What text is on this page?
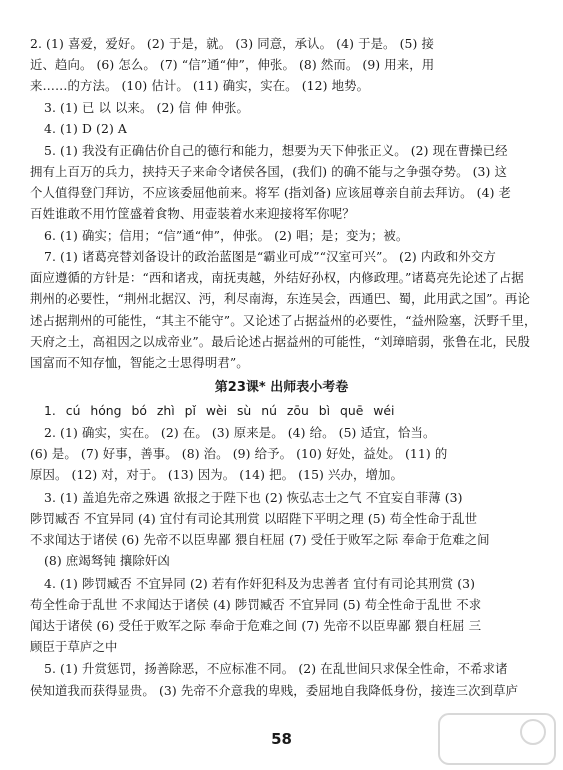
2. (1) 喜爱，爱好。 (2) 于是，就。 (3) 同意，承认。 (4) 于是。 (5) 接
近、趋向。 (6) 怎么。 (7) “信”通“伸”，伸张。 (8) 然而。 (9) 用来，用
来……的方法。 (10) 估计。 (11) 确实，实在。 (12) 地势。
3. (1) 已 以 以来。 (2) 信 伸 伸张。
4. (1) D (2) A
5. (1) 我没有正确估价自己的德行和能力，想要为天下伸张正义。 (2) 现在曹操已经
拥有上百万的兵力，挟持天子来命令诸侯各国，(我们) 的确不能与之争强夺势。 (3) 这
个人值得登门拜访，不应该委屈他前来。将军 (指刘备) 应该屈尊亲自前去拜访。 (4) 老
百姓谁敢不用竹筐盛着食物、用壶装着水来迎接将军你呢？
6. (1) 确实；信用；“信”通“伸”，伸张。 (2) 唱；是；变为；被。
7. (1) 诸葛亮替刘备设计的政治蓝图是“霸业可成”“汉室可兴”。 (2) 内政和外交方
面应遵循的方针是：“西和诸戎，南抚夷越，外结好孙权，内修政理。”诸葛亮先论述了占据
荆州的必要性，“荆州北据汉、沔，利尽南海，东连吴会，西通巴、蜀，此用武之国”。再论
述占据荆州的可能性，“其主不能守”。又论述了占据益州的必要性，“益州险塞，沃野千里，
天府之土，高祖因之以成帝业”。最后论述占据益州的可能性，“刘璋暗弱，张鲁在北，民殷
国富而不知存恤，智能之士思得明君”。
第23课* 出师表小考卷
1. cú hóng bó zhì pǐ wèi sù nú zōu bì quē wéi
2. (1) 确实，实在。 (2) 在。 (3) 原来是。 (4) 给。 (5) 适宜，恰当。
(6) 是。 (7) 好事，善事。 (8) 治。 (9) 给予。 (10) 好处，益处。 (11) 的
原因。 (12) 对，对于。 (13) 因为。 (14) 把。 (15) 兴办，增加。
3. (1) 盖追先帝之殊遇 欲报之于陛下也 (2) 恢弘志士之气 不宜妄自菲薄 (3)
陟罚臧否 不宜异同 (4) 宜付有司论其刑赏 以昭陛下平明之理 (5) 苟全性命于乱世
不求闻达于诸侯 (6) 先帝不以臣卑鄙 猥自枉屈 (7) 受任于败军之际 奉命于危难之间
(8) 庶竭驽钝 攘除奸凶
4. (1) 陟罚臧否 不宜异同 (2) 若有作奸犯科及为忠善者 宜付有司论其刑赏 (3)
苟全性命于乱世 不求闻达于诸侯 (4) 陟罚臧否 不宜异同 (5) 苟全性命于乱世 不求
闻达于诸侯 (6) 受任于败军之际 奉命于危难之间 (7) 先帝不以臣卑鄙 猥自枉屈 三
顾臣于草庐之中
5. (1) 升赏惩罚，扬善除恶，不应标准不同。 (2) 在乱世间只求保全性命，不希求诸
侯知道我而获得显贵。 (3) 先帝不介意我的卑贱，委屈地自我降低身份，接连三次到草庐
58
